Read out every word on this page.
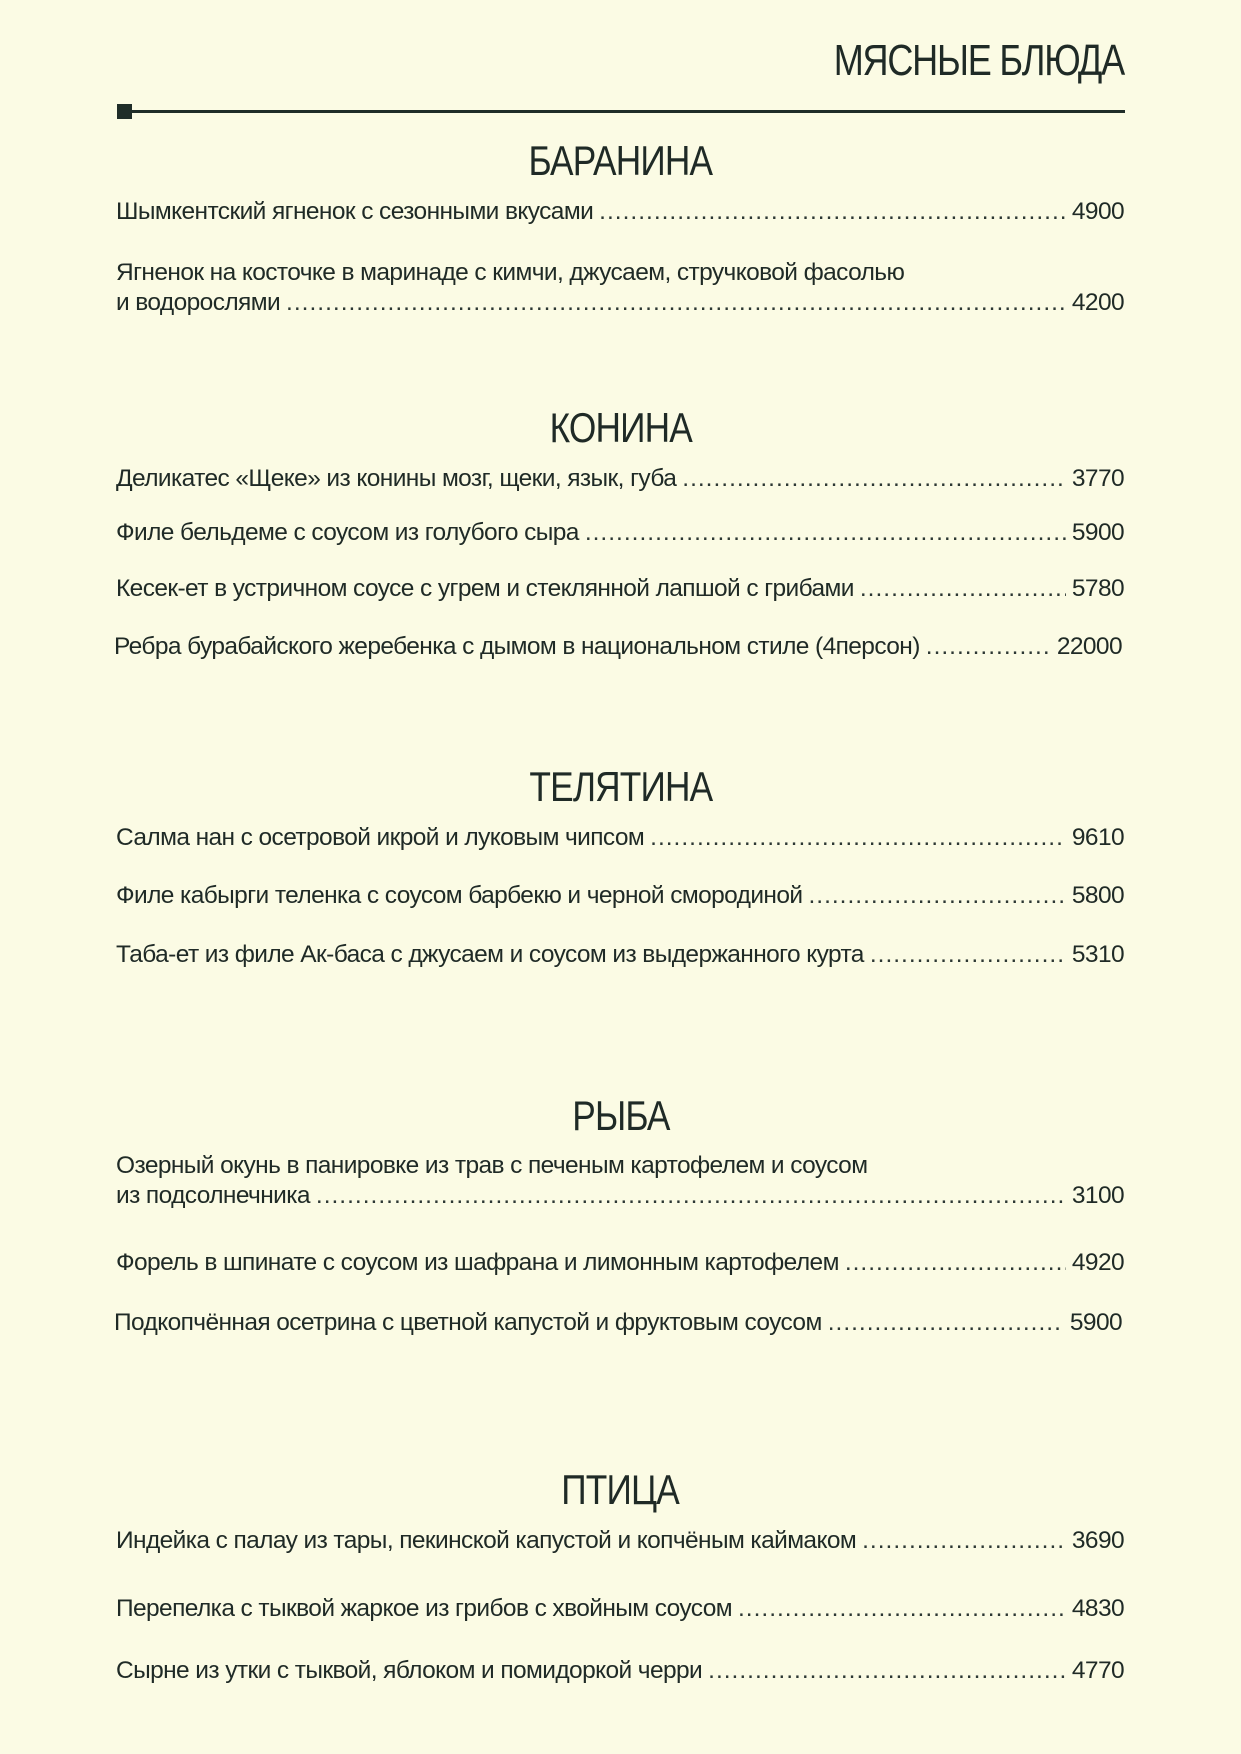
МЯСНЫЕ БЛЮДА
БАРАНИНА
Шымкентский ягненок с сезонными вкусами .....	4900
Ягненок на косточке в маринаде с кимчи, джусаем, стручковой фасолью
и водорослями .....	4200
КОНИНА
Деликатес «Щеке» из конины мозг, щеки, язык, губа .....	3770
Филе бельдеме с соусом из голубого сыра .....	5900
Кесек-ет в устричном соусе с угрем и стеклянной лапшой с грибами .....	5780
Ребра бурабайского жеребенка с дымом в национальном стиле (4персон) .....	22000
ТЕЛЯТИНА
Салма нан с осетровой икрой и луковым чипсом .....	9610
Филе кабырги теленка с соусом барбекю и черной смородиной .....	5800
Таба-ет из филе Ак-баса с джусаем и соусом из выдержанного курта .....	5310
РЫБА
Озерный окунь в панировке из трав с печеным картофелем и соусом
из подсолнечника .....	3100
Форель в шпинате с соусом из шафрана и лимонным картофелем .....	4920
Подкопчённая осетрина с цветной капустой и фруктовым соусом .....	5900
ПТИЦА
Индейка с палау из тары, пекинской капустой и копчёным каймаком .....	3690
Перепелка с тыквой жаркое из грибов с хвойным соусом .....	4830
Сырне из утки с тыквой, яблоком и помидоркой черри .....	4770
